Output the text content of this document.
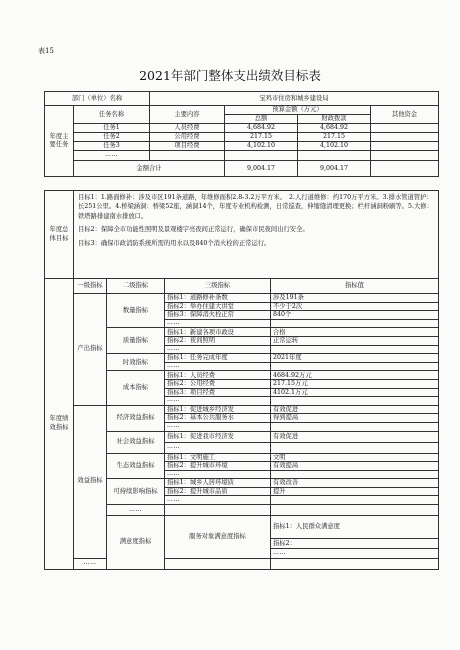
表15
2021年部门整体支出绩效目标表
部门（单位）名称		宝鸡市住房和城乡建设局			
年度主要任务	任务名称	主要内容	预算金额（万元）		其他资金
			总额	财政拨款	
	任务1	人员经费	4,684.92	4,684.92	
	任务2	公用经费	217.15	217.15	
	任务3	项目经费	4,102.10	4,102.10	
	……				
	金额合计		9,004.17	9,004.17	
年度总体目标	

目标1：1.路面修补：涉及市区191条道路，年维修面积2.8-3.2万平方米。　2.人行道维修：约170万平方米。3.排水管道管护：长251公里。4.桥梁涵洞：桥梁52座，涵洞14个，年度专业机构检测，日常巡查，伸缩缝清理更换；栏杆涵洞粉刷等。5.大修：铁塔路排建南水排放口。

目标2：保障全市功能性照明及景观楼宇亮夜间正常运行，确保市民夜间出行安全。

目标3：确保市政消防系统所需的用水以及840个消火栓的正常运行。

年度绩效指标	一级指标	二级指标	三级指标	指标值	
	产出指标	数量指标	指标1：道路修补条数	涉及191条	
			指标2：举办住建大讲堂	不少于2次	
			指标3：保障消火栓正常	840个	
			……		
		质量指标	指标1：新建各项市政设	合格	
			指标2：夜间照明	正常运转	
			……		
		时效指标	指标1：任务完成年度	2021年度	
			……		
		成本指标	指标1：人员经费	4684.92万元	
			指标2：公用经费	217.15万元	
			指标3：项目经费	4102.1万元	
			……		
	效益指标	经济效益指标	指标1：促进城乡经济发	有效促进	
			指标2：基本公共服务水	得到提高	
			……		
		社会效益指标	指标1：促进我市经济发	有效促进	
			……		
		生态效益指标	指标1：文明施工	文明	
			指标2：提升城市环境	有效提高	
			……		
		可持续影响指标	指标1：城乡人居环境质	有效改善	
			指标2：提升城市品质	提升	
			……		
		……			
		满意度指标	服务对象满意度指标	指标1：人民群众满意度	
				指标2：	
				……	
	……				
